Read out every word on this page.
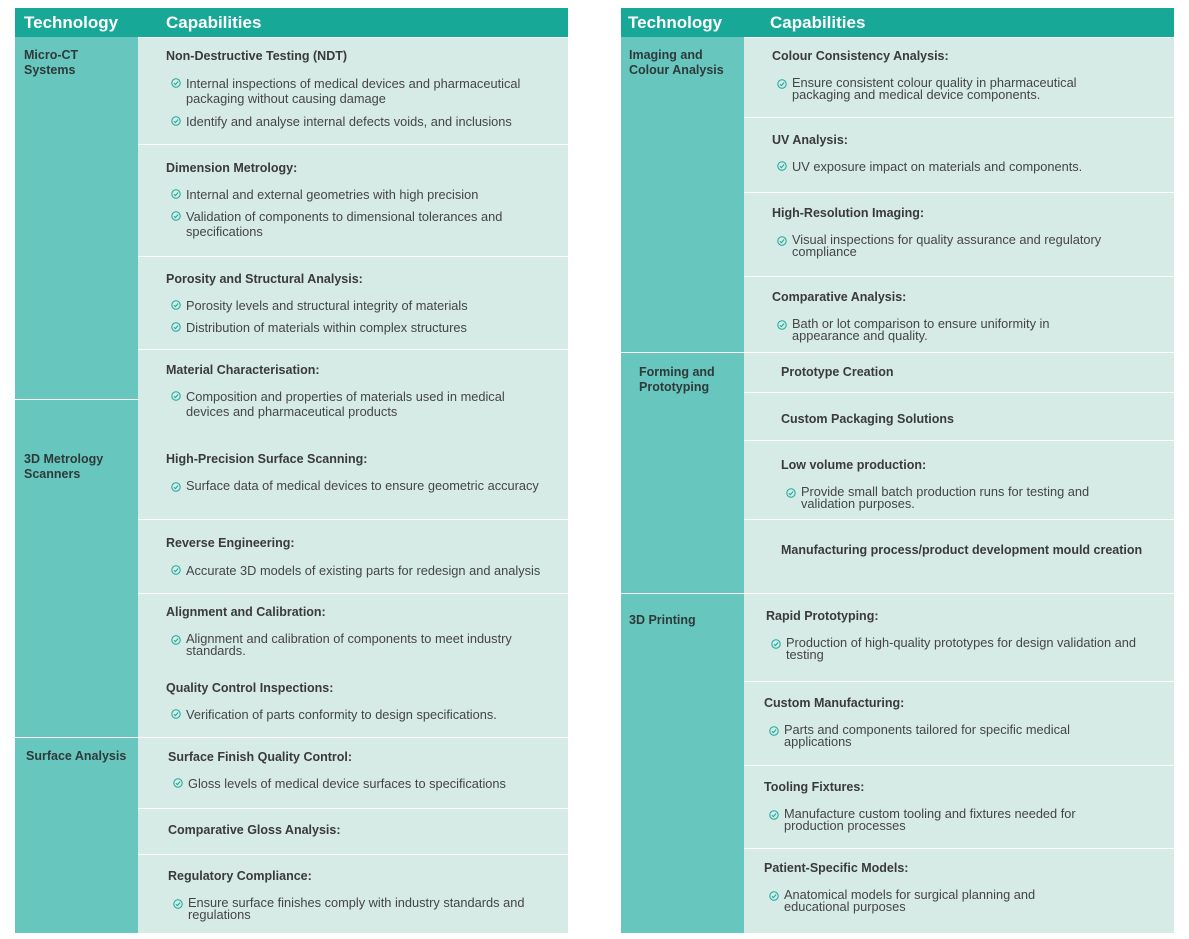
Technology	Capabilities
Micro-CT
Systems
3D Metrology
Scanners
Surface Analysis
Non-Destructive Testing (NDT)
Internal inspections of medical devices and pharmaceutical packaging without causing damage
Identify and analyse internal defects voids, and inclusions
Dimension Metrology:
Internal and external geometries with high precision
Validation of components to dimensional tolerances and specifications
Porosity and Structural Analysis:
Porosity levels and structural integrity of materials
Distribution of materials within complex structures
Material Characterisation:
Composition and properties of materials used in medical devices and pharmaceutical products
High-Precision Surface Scanning:
Surface data of medical devices to ensure geometric accuracy
Reverse Engineering:
Accurate 3D models of existing parts for redesign and analysis
Alignment and Calibration:
Alignment and calibration of components to meet industry standards.
Quality Control Inspections:
Verification of parts conformity to design specifications.
Surface Finish Quality Control:
Gloss levels of medical device surfaces to specifications
Comparative Gloss Analysis:
Regulatory Compliance:
Ensure surface finishes comply with industry standards and regulations
Technology	Capabilities
Imaging and
Colour Analysis
Forming and
Prototyping
3D Printing
Colour Consistency Analysis:
Ensure consistent colour quality in pharmaceutical packaging and medical device components.
UV Analysis:
UV exposure impact on materials and components.
High-Resolution Imaging:
Visual inspections for quality assurance and regulatory compliance
Comparative Analysis:
Bath or lot comparison to ensure uniformity in appearance and quality.
Prototype Creation
Custom Packaging Solutions
Low volume production:
Provide small batch production runs for testing and validation purposes.
Manufacturing process/product development mould creation
Rapid Prototyping:
Production of high-quality prototypes for design validation and testing
Custom Manufacturing:
Parts and components tailored for specific medical applications
Tooling Fixtures:
Manufacture custom tooling and fixtures needed for production processes
Patient-Specific Models:
Anatomical models for surgical planning and educational purposes
